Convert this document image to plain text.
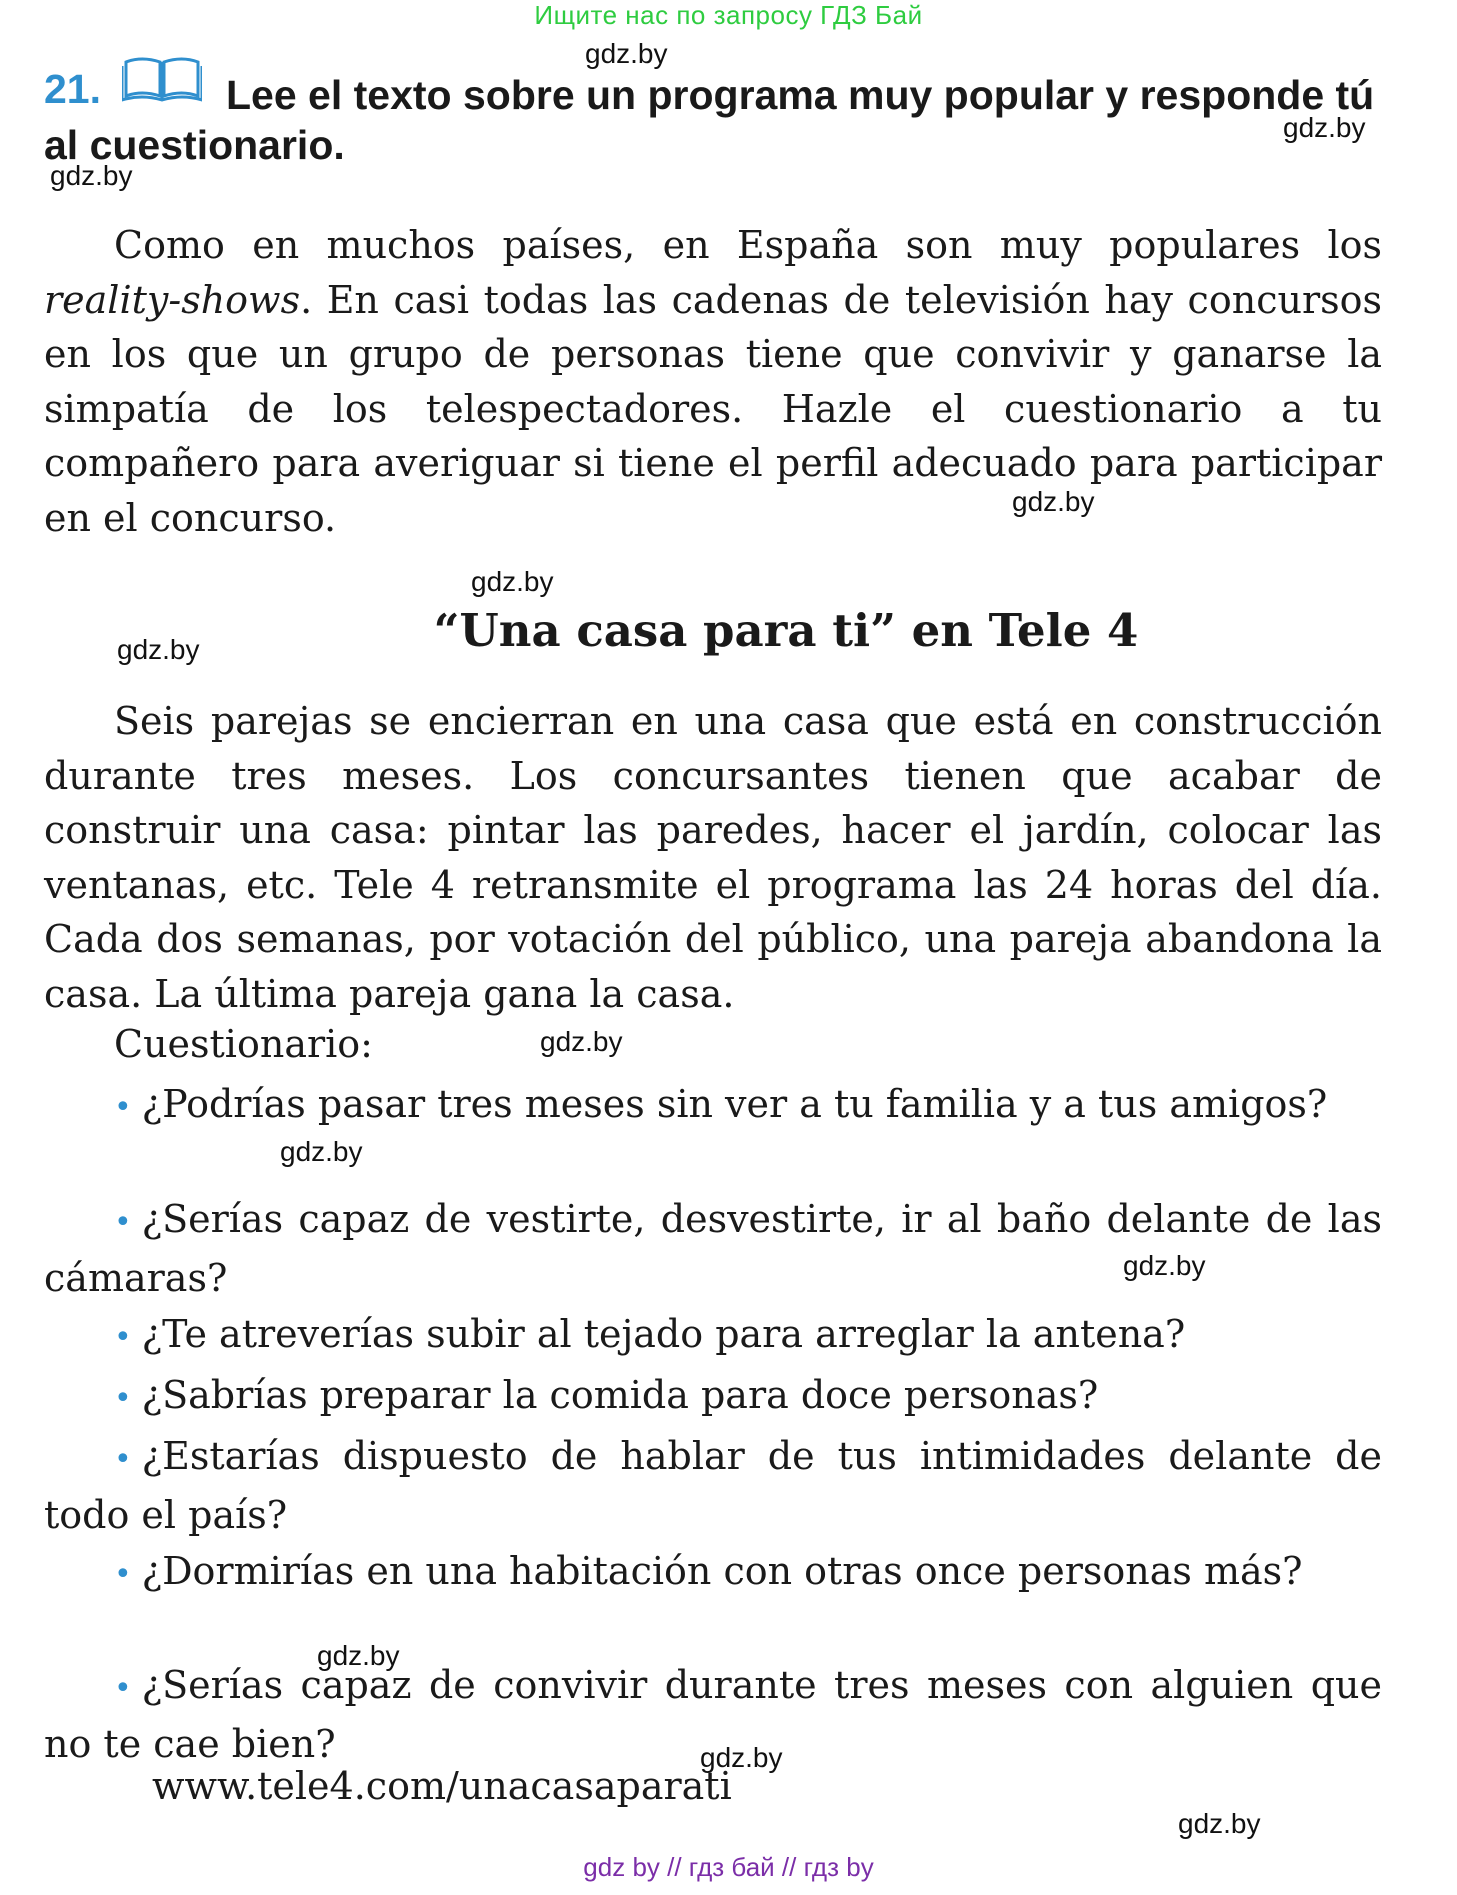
Ищите нас по запросу ГДЗ Бай
gdz.by
21.	Lee el texto sobre un programa muy popular y responde tú al cuestionario.	gdz.by
gdz.by

Como en muchos países, en España son muy populares los reality-shows. En casi todas las cadenas de televisión hay concursos en los que un grupo de personas tiene que convivir y ganarse la simpatía de los telespectadores. Hazle el cuestionario a tu compañero para averiguar si tiene el perfil adecuado para participar en el concurso.	gdz.by
gdz.by
gdz.by	“Una casa para ti” en Tele 4

Seis parejas se encierran en una casa que está en construcción durante tres meses. Los concursantes tienen que acabar de construir una casa: pintar las paredes, hacer el jardín, colocar las ventanas, etc. Tele 4 retransmite el programa las 24 horas del día. Cada dos semanas, por votación del público, una pareja abandona la casa. La última pareja gana la casa.

Cuestionario:	gdz.by

• ¿Podrías pasar tres meses sin ver a tu familia y a tus amigos?

gdz.by

• ¿Serías capaz de vestirte, desvestirte, ir al baño delante de las cámaras?	gdz.by

• ¿Te atreverías subir al tejado para arreglar la antena?

• ¿Sabrías preparar la comida para doce personas?

• ¿Estarías dispuesto de hablar de tus intimidades delante de todo el país?

• ¿Dormirías en una habitación con otras once personas más?

gdz.by

• ¿Serías capaz de convivir durante tres meses con alguien que no te cae bien?	gdz.by
www.tele4.com/unacasaparati
gdz.by
gdz by // гдз бай // гдз by
